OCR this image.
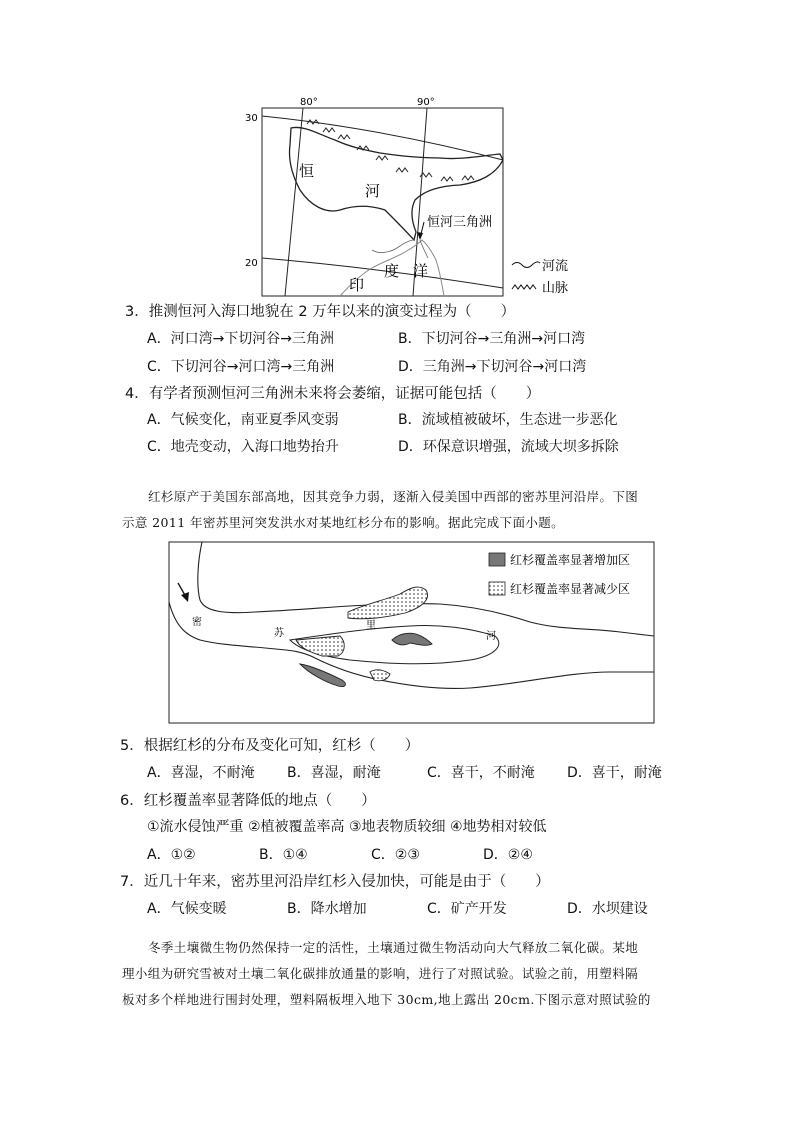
30
20
80°	90°
恒
河
恒河三角洲
印
度 洋	河流
山脉
3．推测恒河入海口地貌在 2 万年以来的演变过程为（　　）
A．河口湾→下切河谷→三角洲	B．下切河谷→三角洲→河口湾
C．下切河谷→河口湾→三角洲	D．三角洲→下切河谷→河口湾
4．有学者预测恒河三角洲未来将会萎缩，证据可能包括（　　）
A．气候变化，南亚夏季风变弱	B．流域植被破坏，生态进一步恶化
C．地壳变动，入海口地势抬升	D．环保意识增强，流域大坝多拆除
红杉原产于美国东部高地，因其竞争力弱，逐渐入侵美国中西部的密苏里河沿岸。下图
示意 2011 年密苏里河突发洪水对某地红杉分布的影响。据此完成下面小题。
密
苏
里
河
红杉覆盖率显著增加区
红杉覆盖率显著减少区
5．根据红杉的分布及变化可知，红杉（　　）
A．喜湿，不耐淹 B．喜湿，耐淹	C．喜干，不耐淹 D．喜干，耐淹
6．红杉覆盖率显著降低的地点（　　）
①流水侵蚀严重 ②植被覆盖率高 ③地表物质较细 ④地势相对较低
A．①②	B．①④	C．②③	D．②④
7．近几十年来，密苏里河沿岸红杉入侵加快，可能是由于（　　）
A．气候变暖	B．降水增加	C．矿产开发	D．水坝建设
冬季土壤微生物仍然保持一定的活性，土壤通过微生物活动向大气释放二氧化碳。某地
理小组为研究雪被对土壤二氧化碳排放通量的影响，进行了对照试验。试验之前，用塑料隔
板对多个样地进行围封处理，塑料隔板埋入地下 30cm,地上露出 20cm.下图示意对照试验的
